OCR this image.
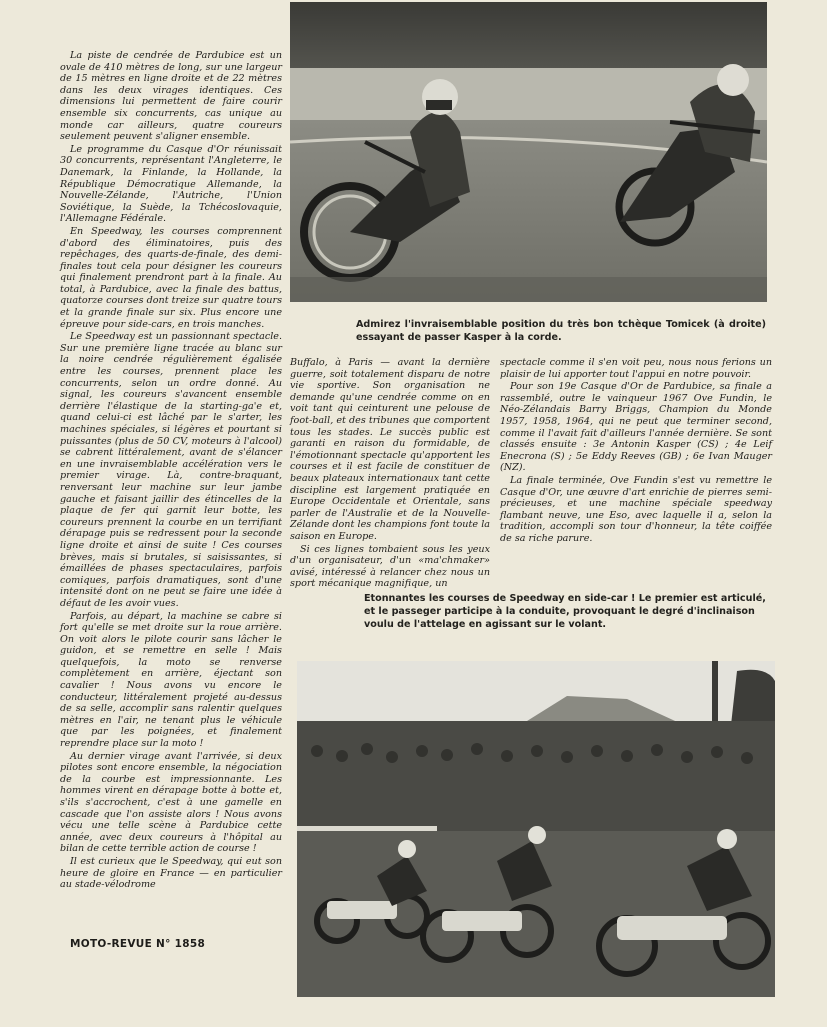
Admirez l'invraisemblable position du très bon tchèque Tomicek (à droite) essayant de passer Kasper à la corde.

La piste de cendrée de Pardubice est un ovale de 410 mètres de long, sur une largeur de 15 mètres en ligne droite et de 22 mètres dans les deux virages identiques. Ces dimensions lui permettent de faire courir ensemble six concurrents, cas unique au monde car ailleurs, quatre coureurs seulement peuvent s'aligner ensemble.

Le programme du Casque d'Or réunissait 30 concurrents, représentant l'Angleterre, le Danemark, la Finlande, la Hollande, la République Démocratique Allemande, la Nouvelle-Zélande, l'Autriche, l'Union Soviétique, la Suède, la Tchécoslovaquie, l'Allemagne Fédérale.

En Speedway, les courses comprennent d'abord des éliminatoires, puis des repêchages, des quarts-de-finale, des demi-finales tout cela pour désigner les coureurs qui finalement prendront part à la finale. Au total, à Pardubice, avec la finale des battus, quatorze courses dont treize sur quatre tours et la grande finale sur six. Plus encore une épreuve pour side-cars, en trois manches.

Le Speedway est un passionnant spectacle. Sur une première ligne tracée au blanc sur la noire cendrée régulièrement égalisée entre les courses, prennent place les concurrents, selon un ordre donné. Au signal, les coureurs s'avancent ensemble derrière l'élastique de la starting-ga'e et, quand celui-ci est lâché par le s'arter, les machines spéciales, si légères et pourtant si puissantes (plus de 50 CV, moteurs à l'alcool) se cabrent littéralement, avant de s'élancer en une invraisemblable accélération vers le premier virage. Là, contre-braquant, renversant leur machine sur leur jambe gauche et faisant jaillir des étincelles de la plaque de fer qui garnit leur botte, les coureurs prennent la courbe en un terrifiant dérapage puis se redressent pour la seconde ligne droite et ainsi de suite ! Ces courses brèves, mais si brutales, si saisissantes, si émaillées de phases spectaculaires, parfois comiques, parfois dramatiques, sont d'une intensité dont on ne peut se faire une idée à défaut de les avoir vues.

Parfois, au départ, la machine se cabre si fort qu'elle se met droite sur la roue arrière. On voit alors le pilote courir sans lâcher le guidon, et se remettre en selle ! Mais quelquefois, la moto se renverse complètement en arrière, éjectant son cavalier ! Nous avons vu encore le conducteur, littéralement projeté au-dessus de sa selle, accomplir sans ralentir quelques mètres en l'air, ne tenant plus le véhicule que par les poignées, et finalement reprendre place sur la moto !

Au dernier virage avant l'arrivée, si deux pilotes sont encore ensemble, la négociation de la courbe est impressionnante. Les hommes virent en dérapage botte à botte et, s'ils s'accrochent, c'est à une gamelle en cascade que l'on assiste alors ! Nous avons vécu une telle scène à Pardubice cette année, avec deux coureurs à l'hôpital au bilan de cette terrible action de course !

Il est curieux que le Speedway, qui eut son heure de gloire en France — en particulier au stade-vélodrome

Buffalo, à Paris — avant la dernière guerre, soit totalement disparu de notre vie sportive. Son organisation ne demande qu'une cendrée comme on en voit tant qui ceinturent une pelouse de foot-ball, et des tribunes que comportent tous les stades. Le succès public est garanti en raison du formidable, de l'émotionnant spectacle qu'apportent les courses et il est facile de constituer de beaux plateaux internationaux tant cette discipline est largement pratiquée en Europe Occidentale et Orientale, sans parler de l'Australie et de la Nouvelle-Zélande dont les champions font toute la saison en Europe.

Si ces lignes tombaient sous les yeux d'un organisateur, d'un «ma'chmaker» avisé, intéressé à relancer chez nous un sport mécanique magnifique, un

spectacle comme il s'en voit peu, nous nous ferions un plaisir de lui apporter tout l'appui en notre pouvoir.

Pour son 19e Casque d'Or de Pardubice, sa finale a rassemblé, outre le vainqueur 1967 Ove Fundin, le Néo-Zélandais Barry Briggs, Champion du Monde 1957, 1958, 1964, qui ne peut que terminer second, comme il l'avait fait d'ailleurs l'année dernière. Se sont classés ensuite : 3e Antonin Kasper (CS) ; 4e Leif Enecrona (S) ; 5e Eddy Reeves (GB) ; 6e Ivan Mauger (NZ).

La finale terminée, Ove Fundin s'est vu remettre le Casque d'Or, une œuvre d'art enrichie de pierres semi-précieuses, et une machine spéciale speedway flambant neuve, une Eso, avec laquelle il a, selon la tradition, accompli son tour d'honneur, la tête coiffée de sa riche parure.

Etonnantes les courses de Speedway en side-car ! Le premier est articulé, et le passeger participe à la conduite, provoquant le degré d'inclinaison voulu de l'attelage en agissant sur le volant.
MOTO-REVUE N° 1858
